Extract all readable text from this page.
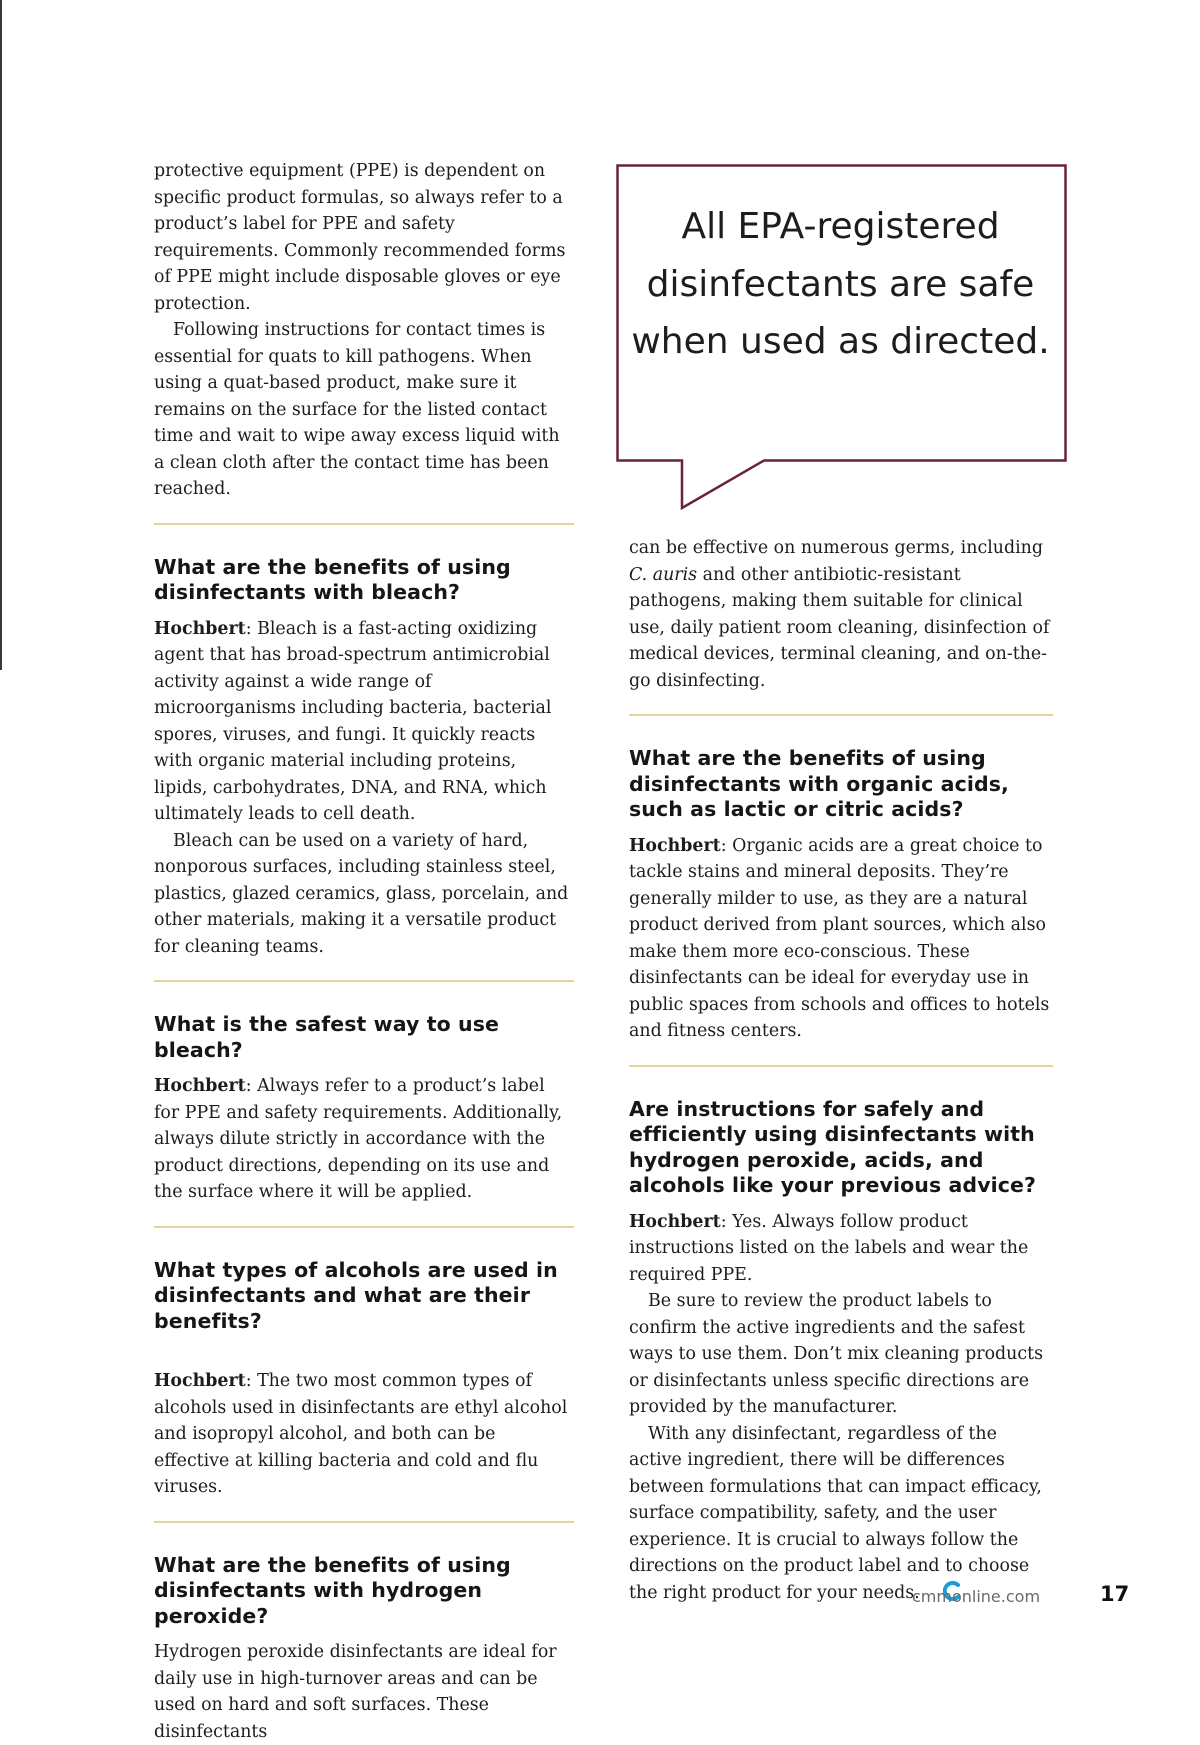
protective equipment (PPE) is dependent on specific product formulas, so always refer to a product’s label for PPE and safety requirements. Commonly recommended forms of PPE might include disposable gloves or eye protection.

Following instructions for contact times is essential for quats to kill pathogens. When using a quat-based product, make sure it remains on the surface for the listed contact time and wait to wipe away excess liquid with a clean cloth after the contact time has been reached.

What are the benefits of using disinfectants with bleach?

Hochbert: Bleach is a fast-acting oxidizing agent that has broad-spectrum antimicrobial activity against a wide range of microorganisms including bacteria, bacterial spores, viruses, and fungi. It quickly reacts with organic material including proteins, lipids, carbohydrates, DNA, and RNA, which ultimately leads to cell death.

Bleach can be used on a variety of hard, nonporous surfaces, including stainless steel, plastics, glazed ceramics, glass, porcelain, and other materials, making it a versatile product for cleaning teams.

What is the safest way to use bleach?

Hochbert: Always refer to a product’s label for PPE and safety requirements. Additionally, always dilute strictly in accordance with the product directions, depending on its use and the surface where it will be applied.

What types of alcohols are used in disinfectants and what are their benefits?

Hochbert: The two most common types of alcohols used in disinfectants are ethyl alcohol and isopropyl alcohol, and both can be effective at killing bacteria and cold and flu viruses.

What are the benefits of using disinfectants with hydrogen peroxide?

Hydrogen peroxide disinfectants are ideal for daily use in high-turnover areas and can be used on hard and soft surfaces. These disinfectants

All EPA-registered disinfectants are safe when used as directed.

can be effective on numerous germs, including C. auris and other antibiotic-resistant pathogens, making them suitable for clinical use, daily patient room cleaning, disinfection of medical devices, terminal cleaning, and on-the-go disinfecting.

What are the benefits of using disinfectants with organic acids, such as lactic or citric acids?

Hochbert: Organic acids are a great choice to tackle stains and mineral deposits. They’re generally milder to use, as they are a natural product derived from plant sources, which also make them more eco-conscious. These disinfectants can be ideal for everyday use in public spaces from schools and offices to hotels and fitness centers.

Are instructions for safely and efficiently using disinfectants with hydrogen peroxide, acids, and alcohols like your previous advice?

Hochbert: Yes. Always follow product instructions listed on the labels and wear the required PPE.

Be sure to review the product labels to confirm the active ingredients and the safest ways to use them. Don’t mix cleaning products or disinfectants unless specific directions are provided by the manufacturer.

With any disinfectant, regardless of the active ingredient, there will be differences between formulations that can impact efficacy, surface compatibility, safety, and the user experience. It is crucial to always follow the directions on the product label and to choose the right product for your needs.

cmmonline.com	17
